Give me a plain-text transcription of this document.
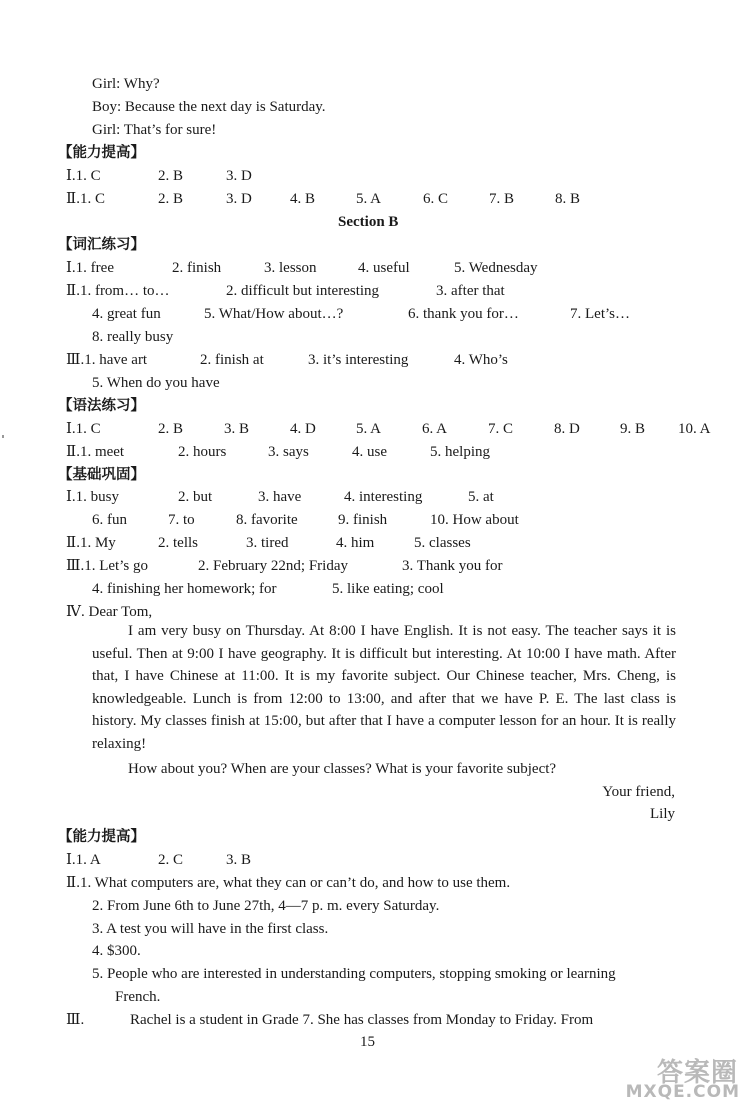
Girl: Why?
Boy: Because the next day is Saturday.
Girl: That’s for sure!
【能力提高】
Ⅰ.1. C	2. B	3. D
Ⅱ.1. C	2. B	3. D	4. B	5. A	6. C	7. B	8. B
Section B
【词汇练习】
Ⅰ.1. free	2. finish	3. lesson	4. useful	5. Wednesday
Ⅱ.1. from… to…	2. difficult but interesting	3. after that
4. great fun	5. What/How about…?	6. thank you for…	7. Let’s…
8. really busy
Ⅲ.1. have art	2. finish at	3. it’s interesting	4. Who’s
5. When do you have
【语法练习】
Ⅰ.1. C	2. B	3. B	4. D	5. A	6. A	7. C	8. D	9. B 10. A
Ⅱ.1. meet	2. hours	3. says	4. use	5. helping
【基础巩固】
Ⅰ.1. busy	2. but	3. have	4. interesting	5. at
6. fun	7. to	8. favorite	9. finish	10. How about
Ⅱ.1. My	2. tells	3. tired	4. him	5. classes
Ⅲ.1. Let’s go	2. February 22nd; Friday	3. Thank you for
4. finishing her homework; for	5. like eating; cool
Ⅳ. Dear Tom,
I am very busy on Thursday. At 8:00 I have English. It is not easy. The teacher says it is useful. Then at 9:00 I have geography. It is difficult but interesting. At 10:00 I have math. After that, I have Chinese at 11:00. It is my favorite subject. Our Chinese teacher, Mrs. Cheng, is knowledgeable. Lunch is from 12:00 to 13:00, and after that we have P. E. The last class is history. My classes finish at 15:00, but after that I have a computer lesson for an hour. It is really relaxing!
How about you? When are your classes? What is your favorite subject?
Your friend,
Lily
【能力提高】
Ⅰ.1. A	2. C	3. B
Ⅱ.1. What computers are, what they can or can’t do, and how to use them.
2. From June 6th to June 27th, 4—7 p. m. every Saturday.
3. A test you will have in the first class.
4. $300.
5. People who are interested in understanding computers, stopping smoking or learning
French.
Ⅲ.	Rachel is a student in Grade 7. She has classes from Monday to Friday. From
15
答案圈
MXQE.COM
